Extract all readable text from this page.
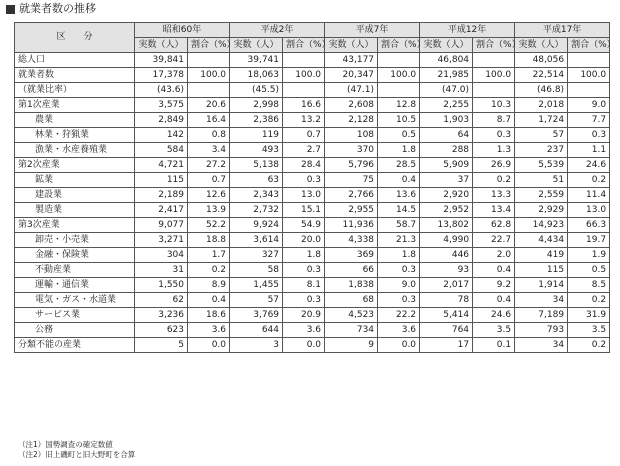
就業者数の推移
区　　分	昭和60年		平成2年		平成7年		平成12年		平成17年	
	実数（人）	割合（%）	実数（人）	割合（%）	実数（人）	割合（%）	実数（人）	割合（%）	実数（人）	割合（%）
総人口	39,841		39,741		43,177		46,804		48,056	
就業者数	17,378	100.0	18,063	100.0	20,347	100.0	21,985	100.0	22,514	100.0
（就業比率）	(43.6)		(45.5)		(47.1)		(47.0)		(46.8)	
第1次産業	3,575	20.6	2,998	16.6	2,608	12.8	2,255	10.3	2,018	9.0
農業	2,849	16.4	2,386	13.2	2,128	10.5	1,903	8.7	1,724	7.7
林業・狩猟業	142	0.8	119	0.7	108	0.5	64	0.3	57	0.3
漁業・水産養殖業	584	3.4	493	2.7	370	1.8	288	1.3	237	1.1
第2次産業	4,721	27.2	5,138	28.4	5,796	28.5	5,909	26.9	5,539	24.6
鉱業	115	0.7	63	0.3	75	0.4	37	0.2	51	0.2
建設業	2,189	12.6	2,343	13.0	2,766	13.6	2,920	13.3	2,559	11.4
製造業	2,417	13.9	2,732	15.1	2,955	14.5	2,952	13.4	2,929	13.0
第3次産業	9,077	52.2	9,924	54.9	11,936	58.7	13,802	62.8	14,923	66.3
卸売・小売業	3,271	18.8	3,614	20.0	4,338	21.3	4,990	22.7	4,434	19.7
金融・保険業	304	1.7	327	1.8	369	1.8	446	2.0	419	1.9
不動産業	31	0.2	58	0.3	66	0.3	93	0.4	115	0.5
運輸・通信業	1,550	8.9	1,455	8.1	1,838	9.0	2,017	9.2	1,914	8.5
電気・ガス・水道業	62	0.4	57	0.3	68	0.3	78	0.4	34	0.2
サービス業	3,236	18.6	3,769	20.9	4,523	22.2	5,414	24.6	7,189	31.9
公務	623	3.6	644	3.6	734	3.6	764	3.5	793	3.5
分類不能の産業	5	0.0	3	0.0	9	0.0	17	0.1	34	0.2
（注1）国勢調査の確定数値
（注2）旧上磯町と旧大野町を合算
